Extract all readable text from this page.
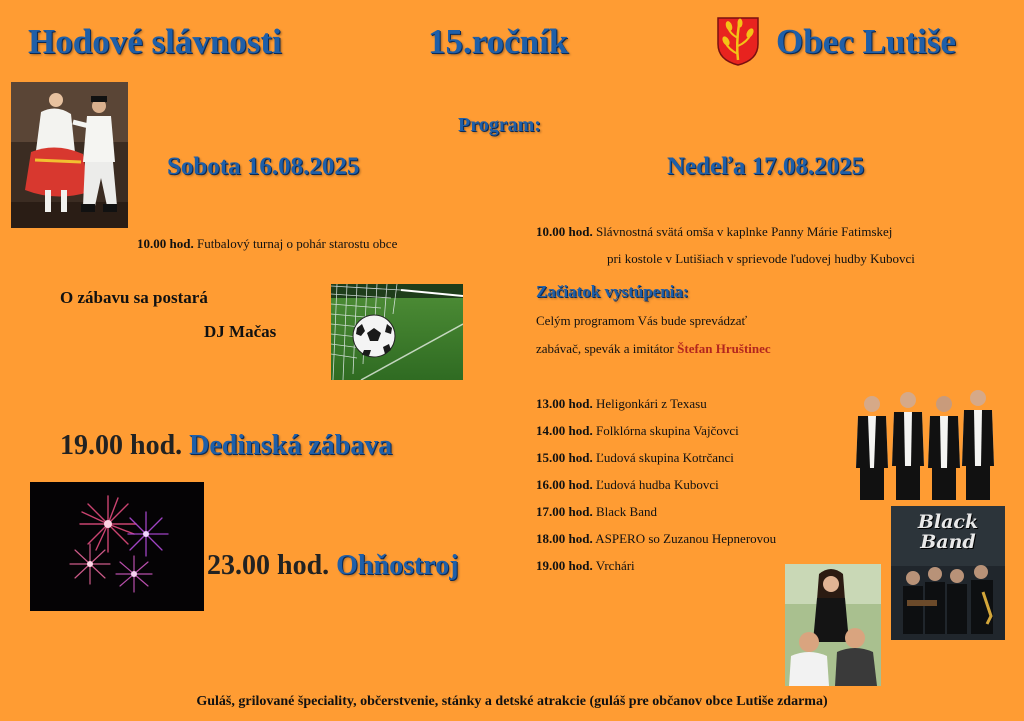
Hodové slávnosti	15.ročník	Obec Lutiše
Program:
Sobota 16.08.2025
10.00 hod. Futbalový turnaj o pohár starostu obce
O zábavu sa postará
DJ Mačas
19.00 hod. Dedinská zábava
23.00 hod. Ohňostroj
Nedeľa 17.08.2025
10.00 hod. Slávnostná svätá omša v kaplnke Panny Márie Fatimskej
pri kostole v Lutišiach v sprievode ľudovej hudby Kubovci
Začiatok vystúpenia:
Celým programom Vás bude sprevádzať
zabávač, spevák a imitátor Štefan Hruštinec
13.00 hod. Heligonkári z Texasu
14.00 hod. Folklórna skupina Vajčovci
15.00 hod. Ľudová skupina Kotrčanci
16.00 hod. Ľudová hudba Kubovci
17.00 hod. Black Band
18.00 hod. ASPERO so Zuzanou Hepnerovou
19.00 hod. Vrchári
Black Band
Guláš, grilované špeciality, občerstvenie, stánky a detské atrakcie (guláš pre občanov obce Lutiše zdarma)
